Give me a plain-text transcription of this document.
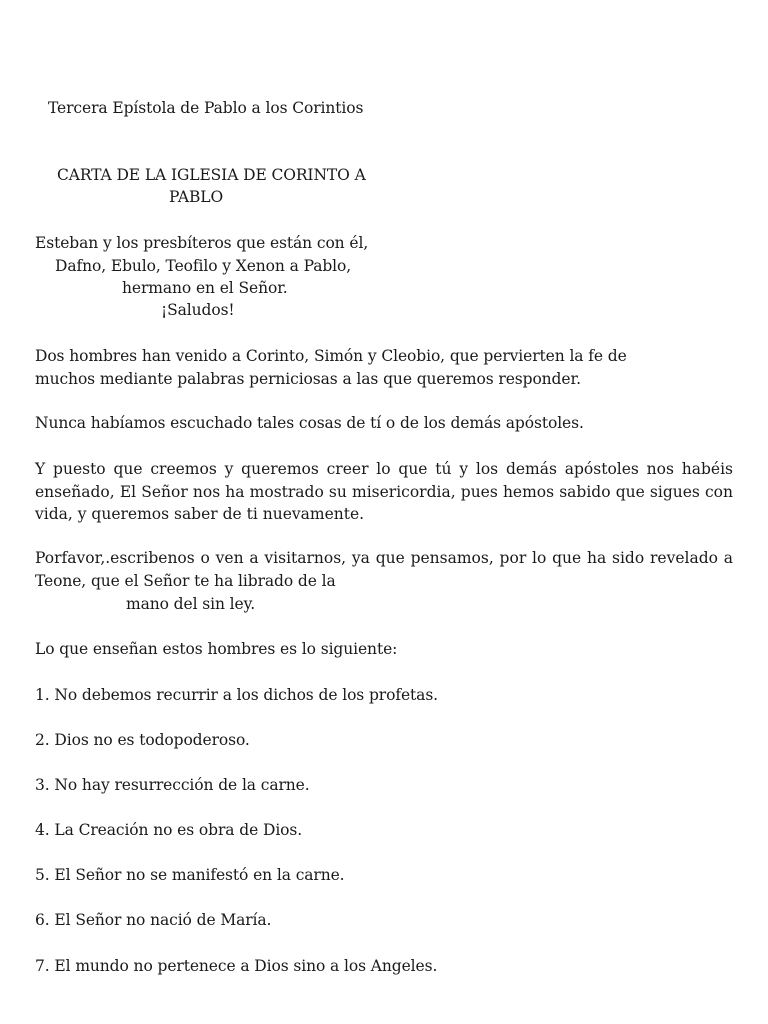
Tercera Epístola de Pablo a los Corintios
CARTA DE LA IGLESIA DE CORINTO A
PABLO
Esteban y los presbíteros que están con él,
Dafno, Ebulo, Teofilo y Xenon a Pablo,
hermano en el Señor.
¡Saludos!
Dos hombres han venido a Corinto, Simón y Cleobio, que pervierten la fe de
muchos mediante palabras perniciosas a las que queremos responder.
Nunca habíamos escuchado tales cosas de tí o de los demás apóstoles.
Y puesto que creemos y queremos creer lo que tú y los demás apóstoles nos habéis
enseñado, El Señor nos ha mostrado su misericordia, pues hemos sabido que sigues con
vida, y queremos saber de ti nuevamente.
Porfavor,.escribenos o ven a visitarnos, ya que pensamos, por lo que ha sido revelado a
Teone, que el Señor te ha librado de la
mano del sin ley.
Lo que enseñan estos hombres es lo siguiente:
1. No debemos recurrir a los dichos de los profetas.
2. Dios no es todopoderoso.
3. No hay resurrección de la carne.
4. La Creación no es obra de Dios.
5. El Señor no se manifestó en la carne.
6. El Señor no nació de María.
7. El mundo no pertenece a Dios sino a los Angeles.
